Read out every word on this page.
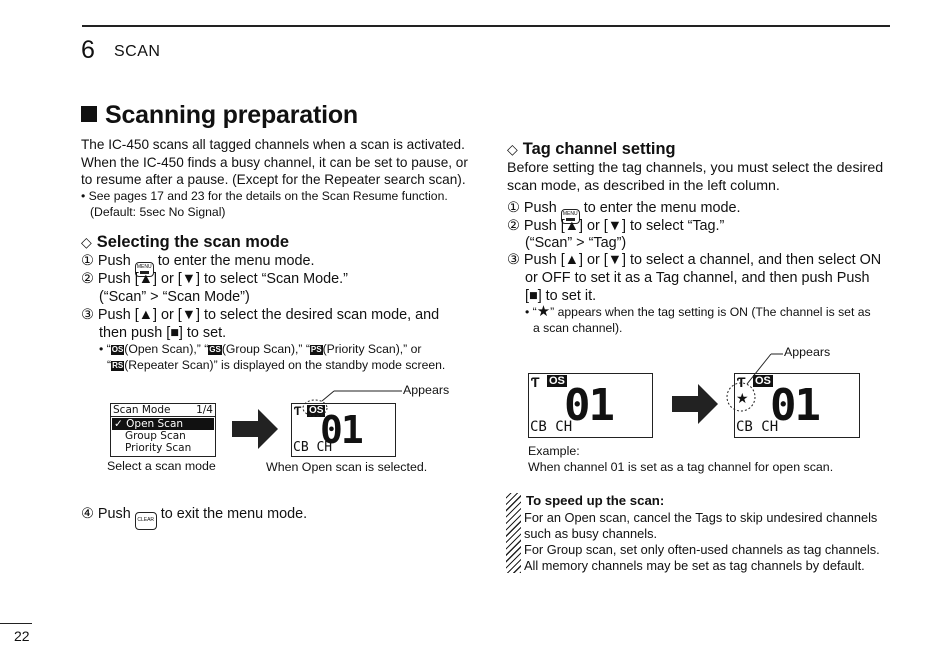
6 SCAN
Scanning preparation
The IC-450 scans all tagged channels when a scan is activated.
When the IC-450 finds a busy channel, it can be set to pause, or
to resume after a pause. (Except for the Repeater search scan).
• See pages 17 and 23 for the details on the Scan Resume function.
(Default: 5sec No Signal)
◇ Selecting the scan mode
① Push MENU to enter the menu mode.
② Push [▲] or [▼] to select “Scan Mode.”
(“Scan” > “Scan Mode”)
③ Push [▲] or [▼] to select the desired scan mode, and
then push [■] to set.
• “OS(Open Scan),” “GS(Group Scan),” “PS(Priority Scan),” or
“RS(Repeater Scan)” is displayed on the standby mode screen.
Scan Mode 1/4
✓ Open Scan
Group Scan
Priority Scan
Select a scan mode
Ƭ OS
01
CB CH
Appears
When Open scan is selected.
④ Push CLEAR to exit the menu mode.
◇ Tag channel setting
Before setting the tag channels, you must select the desired
scan mode, as described in the left column.
① Push MENU to enter the menu mode.
② Push [▲] or [▼] to select “Tag.”
(“Scan” > “Tag”)
③ Push [▲] or [▼] to select a channel, and then select ON
or OFF to set it as a Tag channel, and then push Push
[■] to set it.
• “★” appears when the tag setting is ON (The channel is set as
a scan channel).
Ƭ OS 01
CB CH
Ƭ OS
★ 01
CB CH
Appears
Example:
When channel 01 is set as a tag channel for open scan.
To speed up the scan:
For an Open scan, cancel the Tags to skip undesired channels
such as busy channels.
For Group scan, set only often-used channels as tag channels.
All memory channels may be set as tag channels by default.
22
